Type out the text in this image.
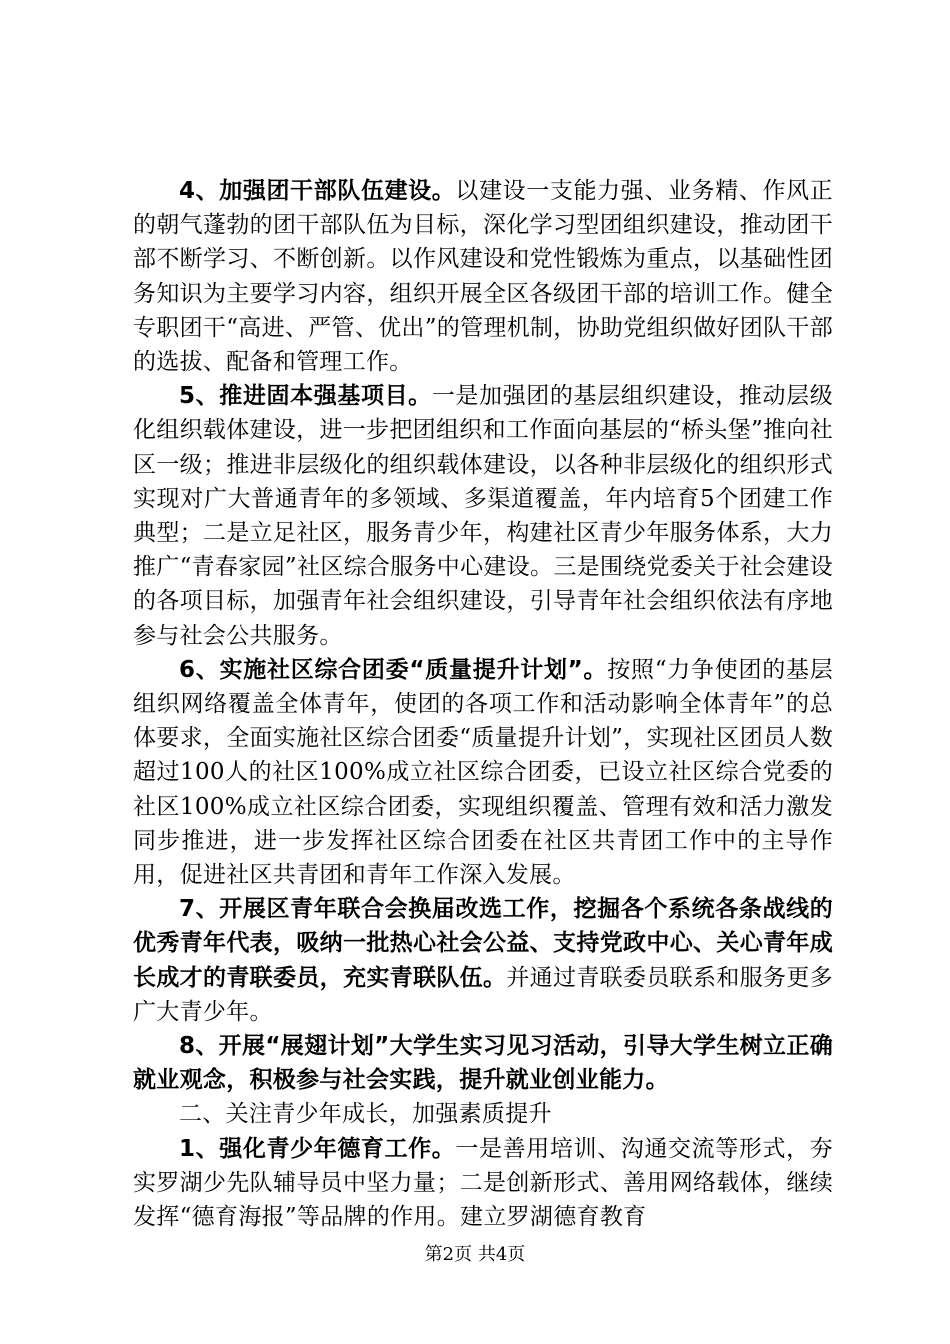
4、加强团干部队伍建设。以建设一支能力强、业务精、作风正的朝气蓬勃的团干部队伍为目标，深化学习型团组织建设，推动团干部不断学习、不断创新。以作风建设和党性锻炼为重点，以基础性团务知识为主要学习内容，组织开展全区各级团干部的培训工作。健全专职团干“高进、严管、优出”的管理机制，协助党组织做好团队干部的选拔、配备和管理工作。

5、推进固本强基项目。一是加强团的基层组织建设，推动层级化组织载体建设，进一步把团组织和工作面向基层的“桥头堡”推向社区一级；推进非层级化的组织载体建设，以各种非层级化的组织形式实现对广大普通青年的多领域、多渠道覆盖，年内培育5个团建工作典型；二是立足社区，服务青少年，构建社区青少年服务体系，大力推广“青春家园”社区综合服务中心建设。三是围绕党委关于社会建设的各项目标，加强青年社会组织建设，引导青年社会组织依法有序地参与社会公共服务。

6、实施社区综合团委“质量提升计划”。按照“力争使团的基层组织网络覆盖全体青年，使团的各项工作和活动影响全体青年”的总体要求，全面实施社区综合团委“质量提升计划”，实现社区团员人数超过100人的社区100%成立社区综合团委，已设立社区综合党委的社区100%成立社区综合团委，实现组织覆盖、管理有效和活力激发同步推进，进一步发挥社区综合团委在社区共青团工作中的主导作用，促进社区共青团和青年工作深入发展。

7、开展区青年联合会换届改选工作，挖掘各个系统各条战线的优秀青年代表，吸纳一批热心社会公益、支持党政中心、关心青年成长成才的青联委员，充实青联队伍。并通过青联委员联系和服务更多广大青少年。

8、开展“展翅计划”大学生实习见习活动，引导大学生树立正确就业观念，积极参与社会实践，提升就业创业能力。

二、关注青少年成长，加强素质提升

1、强化青少年德育工作。一是善用培训、沟通交流等形式，夯实罗湖少先队辅导员中坚力量；二是创新形式、善用网络载体，继续发挥“德育海报”等品牌的作用。建立罗湖德育教育

第2页 共4页
